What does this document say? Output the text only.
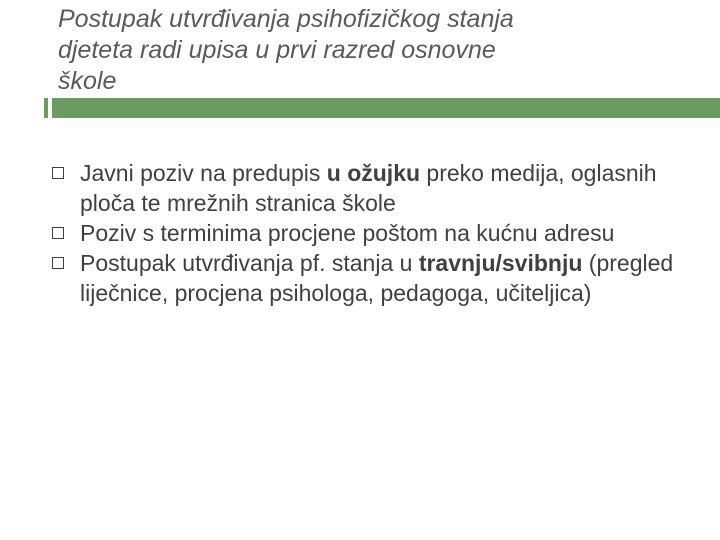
Postupak utvrđivanja psihofizičkog stanja
djeteta radi upisa u prvi razred osnovne
škole
Javni poziv na predupis u ožujku preko medija, oglasnih ploča te mrežnih stranica škole
Poziv s terminima procjene poštom na kućnu adresu
Postupak utvrđivanja pf. stanja u travnju/svibnju (pregled liječnice, procjena psihologa, pedagoga, učiteljica)
